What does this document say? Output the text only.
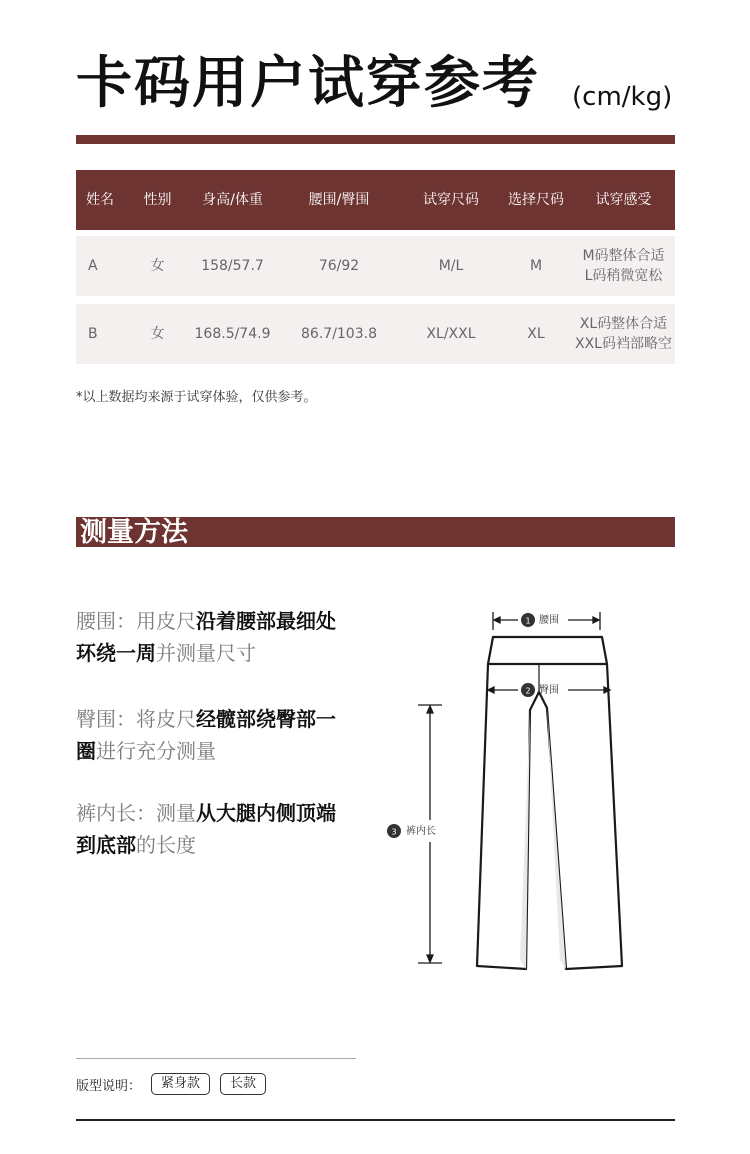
卡码用户试穿参考 (cm/kg)
姓名	性别	身高/体重	腰围/臀围	试穿尺码	选择尺码	试穿感受
A	女	158/57.7	76/92	M/L	M
M码整体合适
L码稍微宽松
B	女	168.5/74.9	86.7/103.8	XL/XXL	XL
XL码整体合适
XXL码裆部略空
*以上数据均来源于试穿体验，仅供参考。
测量方法
腰围：用皮尺沿着腰部最细处环绕一周并测量尺寸
臀围：将皮尺经髋部绕臀部一圈进行充分测量
裤内长：测量从大腿内侧顶端到底部的长度
1 腰围
2 臀围
3 裤内长
版型说明：	紧身款	长款
